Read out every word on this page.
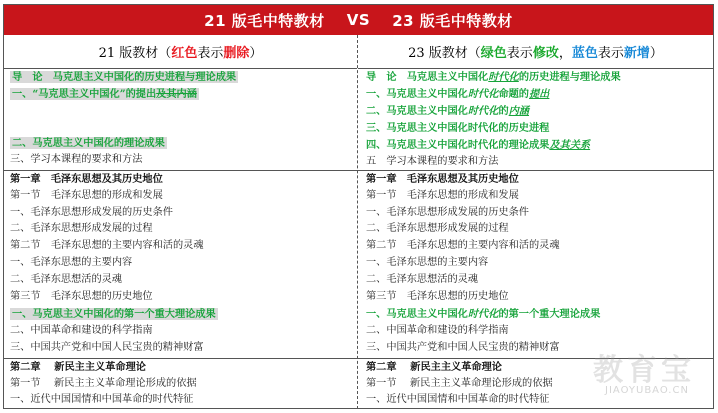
21 版毛中特教材 VS 23 版毛中特教材
21 版教材（ 红色 表示 删除 ）	23 版教材（ 绿色 表示 修改 ， 蓝色 表示 新增 ）
导　论　马克思主义中国化的历史进程与理论成果
一、“马克思主义中国化”的提出及其内涵
二、马克思主义中国化的理论成果
三、学习本课程的要求和方法
第一章　毛泽东思想及其历史地位
第一节　毛泽东思想的形成和发展
一、毛泽东思想形成发展的历史条件
二、毛泽东思想形成发展的过程
第二节　毛泽东思想的主要内容和活的灵魂
一、毛泽东思想的主要内容
二、毛泽东思想活的灵魂
第三节　毛泽东思想的历史地位
一、马克思主义中国化的第一个重大理论成果
二、中国革命和建设的科学指南
三、中国共产党和中国人民宝贵的精神财富
第二章　 新民主主义革命理论
第一节　 新民主主义革命理论形成的依据
一、近代中国国情和中国革命的时代特征
导　论　马克思主义中国化时代化的历史进程与理论成果
一、马克思主义中国化时代化命题的提出
二、马克思主义中国化时代化的内涵
三、马克思主义中国化时代化的历史进程
四、马克思主义中国化时代化的理论成果及其关系
五　学习本课程的要求和方法
第一章　毛泽东思想及其历史地位
第一节　毛泽东思想的形成和发展
一、毛泽东思想形成发展的历史条件
二、毛泽东思想形成发展的过程
第二节　毛泽东思想的主要内容和活的灵魂
一、毛泽东思想的主要内容
二、毛泽东思想活的灵魂
第三节　毛泽东思想的历史地位
一、马克思主义中国化时代化的第一个重大理论成果
二、中国革命和建设的科学指南
三、中国共产党和中国人民宝贵的精神财富
第二章　 新民主主义革命理论
第一节　 新民主主义革命理论形成的依据
一、近代中国国情和中国革命的时代特征
教育宝
JIAOYUBAO.CN
